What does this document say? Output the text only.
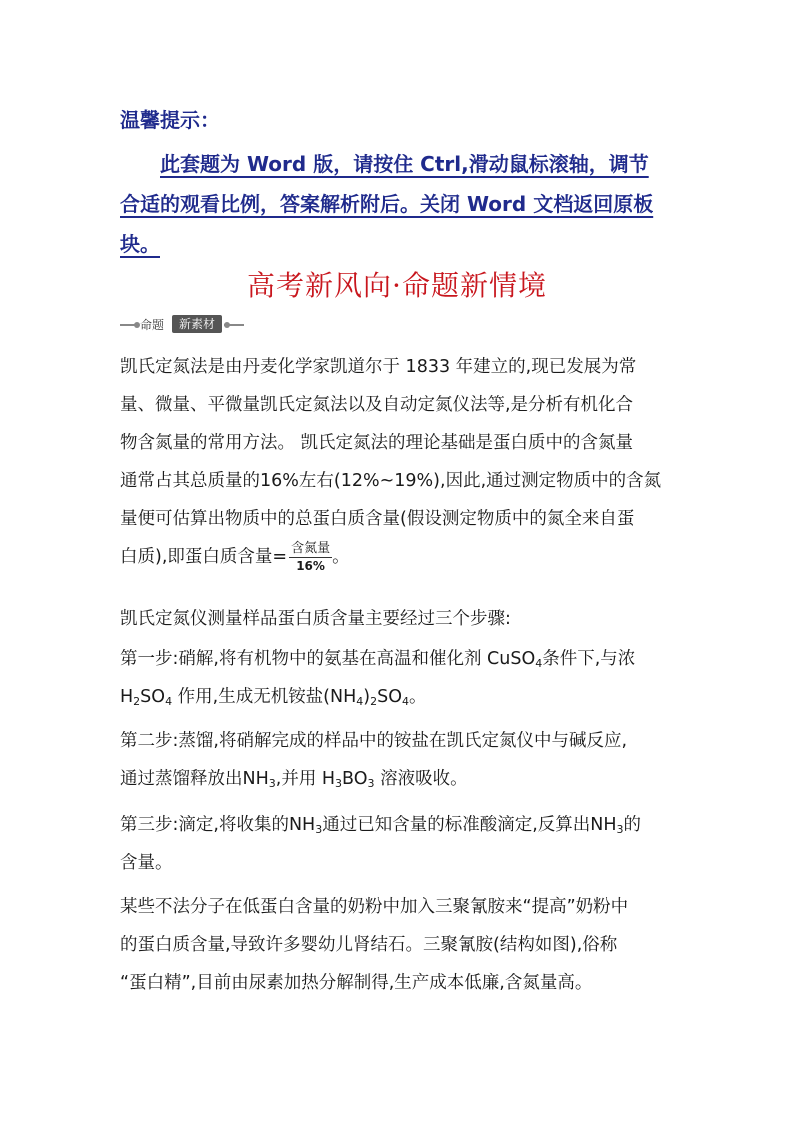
温馨提示：
此套题为 Word 版，请按住 Ctrl,滑动鼠标滚轴，调节
合适的观看比例，答案解析附后。关闭 Word 文档返回原板
块。
高考新风向·命题新情境
命题	新素材
凯氏定氮法是由丹麦化学家凯道尔于 1833 年建立的,现已发展为常
量、微量、平微量凯氏定氮法以及自动定氮仪法等,是分析有机化合
物含氮量的常用方法。 凯氏定氮法的理论基础是蛋白质中的含氮量
通常占其总质量的16%左右(12%~19%),因此,通过测定物质中的含氮
量便可估算出物质中的总蛋白质含量(假设测定物质中的氮全来自蛋
白质),即蛋白质含量= $\frac{\text{含氮量}}{16\%}$ 。
凯氏定氮仪测量样品蛋白质含量主要经过三个步骤:
第一步:硝解,将有机物中的氨基在高温和催化剂 CuSO$_4$条件下,与浓
$H_2SO_4$ 作用,生成无机铵盐$(NH_4)_2SO_4$。
第二步:蒸馏,将硝解完成的样品中的铵盐在凯氏定氮仪中与碱反应,
通过蒸馏释放出$NH_3$,并用 $H_3BO_3$ 溶液吸收。
第三步:滴定,将收集的$NH_3$通过已知含量的标准酸滴定,反算出$NH_3$的
含量。
某些不法分子在低蛋白含量的奶粉中加入三聚氰胺来“提高”奶粉中
的蛋白质含量,导致许多婴幼儿肾结石。三聚氰胺(结构如图),俗称
“蛋白精”,目前由尿素加热分解制得,生产成本低廉,含氮量高。
